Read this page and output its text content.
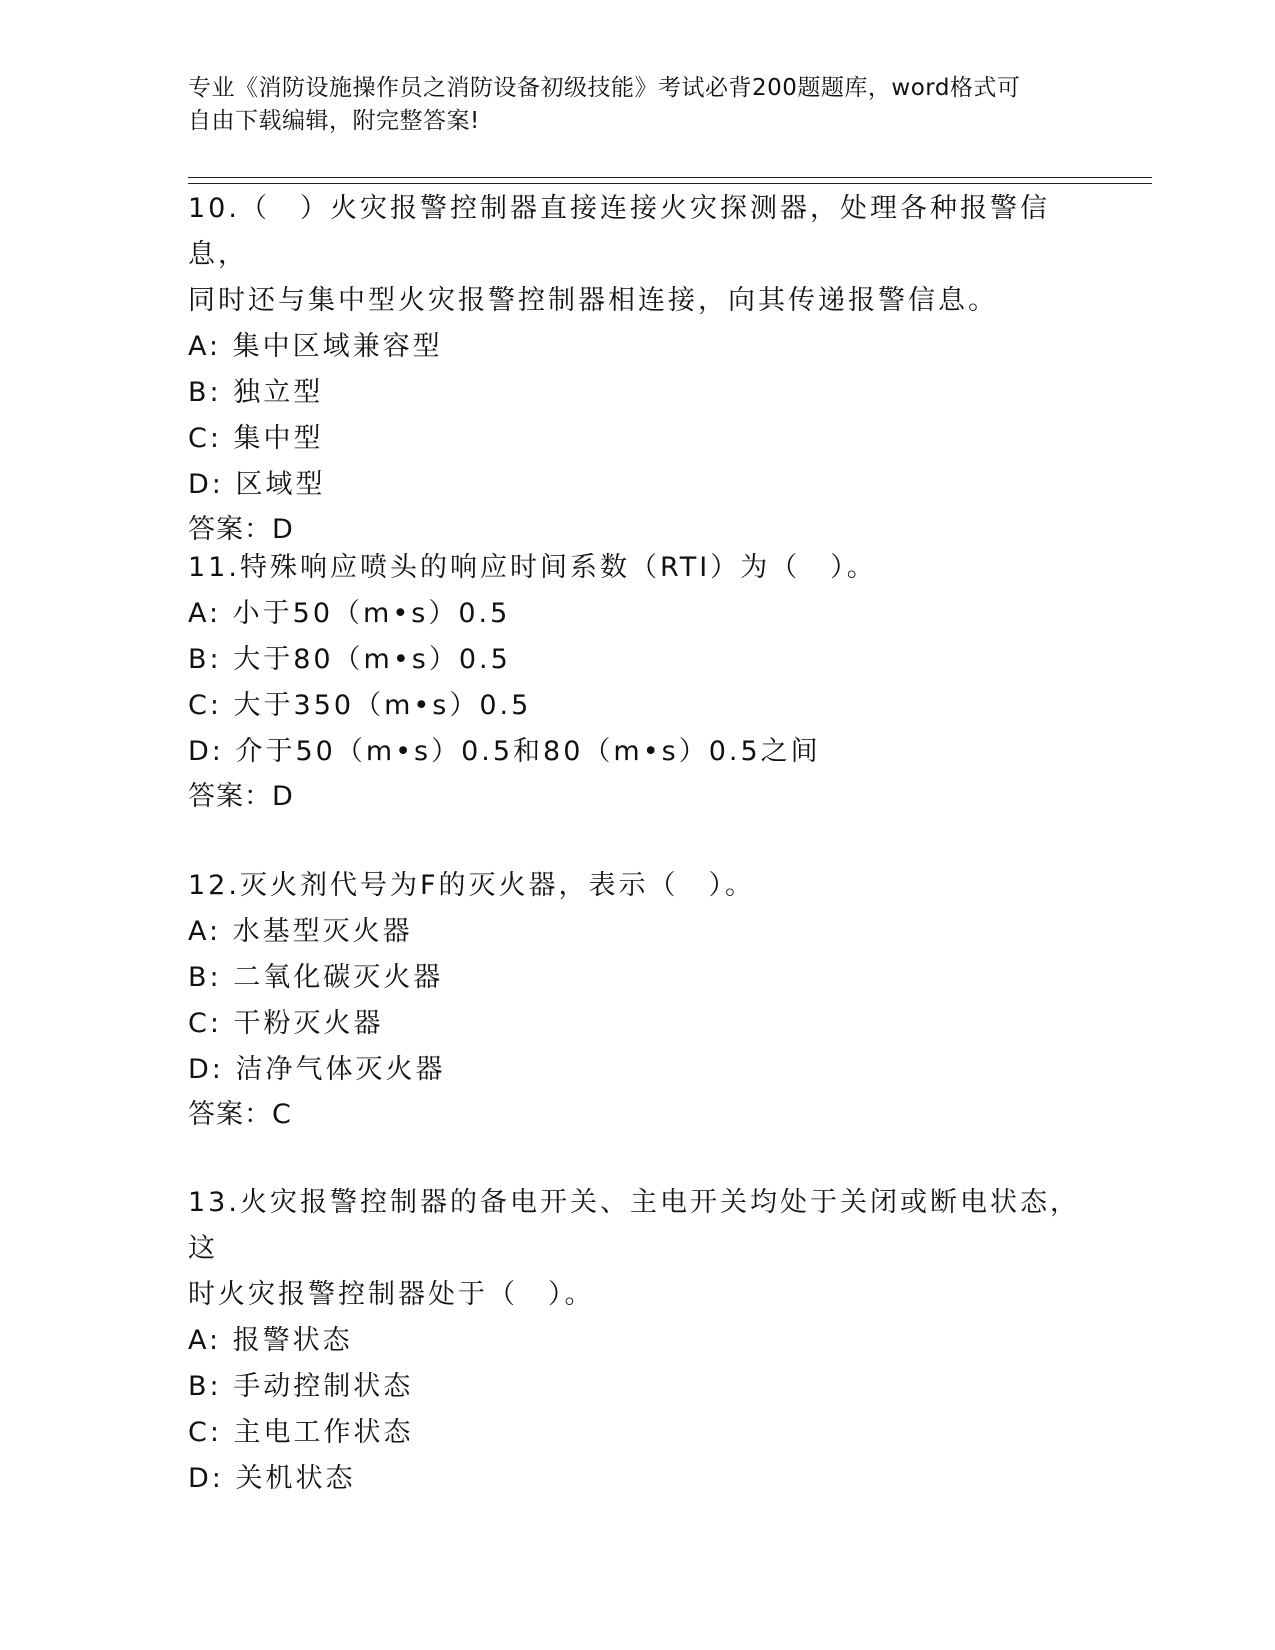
专业《消防设施操作员之消防设备初级技能》考试必背200题题库，word格式可
自由下载编辑，附完整答案!
10.（　）火灾报警控制器直接连接火灾探测器，处理各种报警信息，
同时还与集中型火灾报警控制器相连接，向其传递报警信息。
A: 集中区域兼容型
B: 独立型
C: 集中型
D: 区域型
答案：D
11.特殊响应喷头的响应时间系数（RTI）为（　）。
A: 小于50（m•s）0.5
B: 大于80（m•s）0.5
C: 大于350（m•s）0.5
D: 介于50（m•s）0.5和80（m•s）0.5之间
答案：D
12.灭火剂代号为F的灭火器，表示（　）。
A: 水基型灭火器
B: 二氧化碳灭火器
C: 干粉灭火器
D: 洁净气体灭火器
答案：C
13.火灾报警控制器的备电开关、主电开关均处于关闭或断电状态，这
时火灾报警控制器处于（　）。
A: 报警状态
B: 手动控制状态
C: 主电工作状态
D: 关机状态
